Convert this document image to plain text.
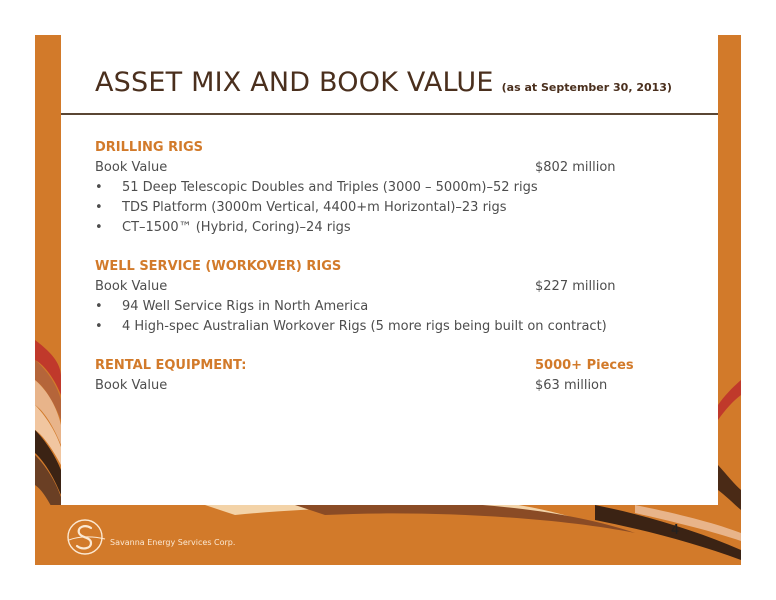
ASSET MIX AND BOOK VALUE (as at September 30, 2013)
DRILLING RIGS
Book Value	$802 million
• 51 Deep Telescopic Doubles and Triples (3000 – 5000m)–52 rigs
• TDS Platform (3000m Vertical, 4400+m Horizontal)–23 rigs
• CT–1500™ (Hybrid, Coring)–24 rigs
WELL SERVICE (WORKOVER) RIGS
Book Value	$227 million
• 94 Well Service Rigs in North America
• 4 High-spec Australian Workover Rigs (5 more rigs being built on contract)
RENTAL EQUIPMENT:	5000+ Pieces
Book Value	$63 million
4
Savanna Energy Services Corp.
